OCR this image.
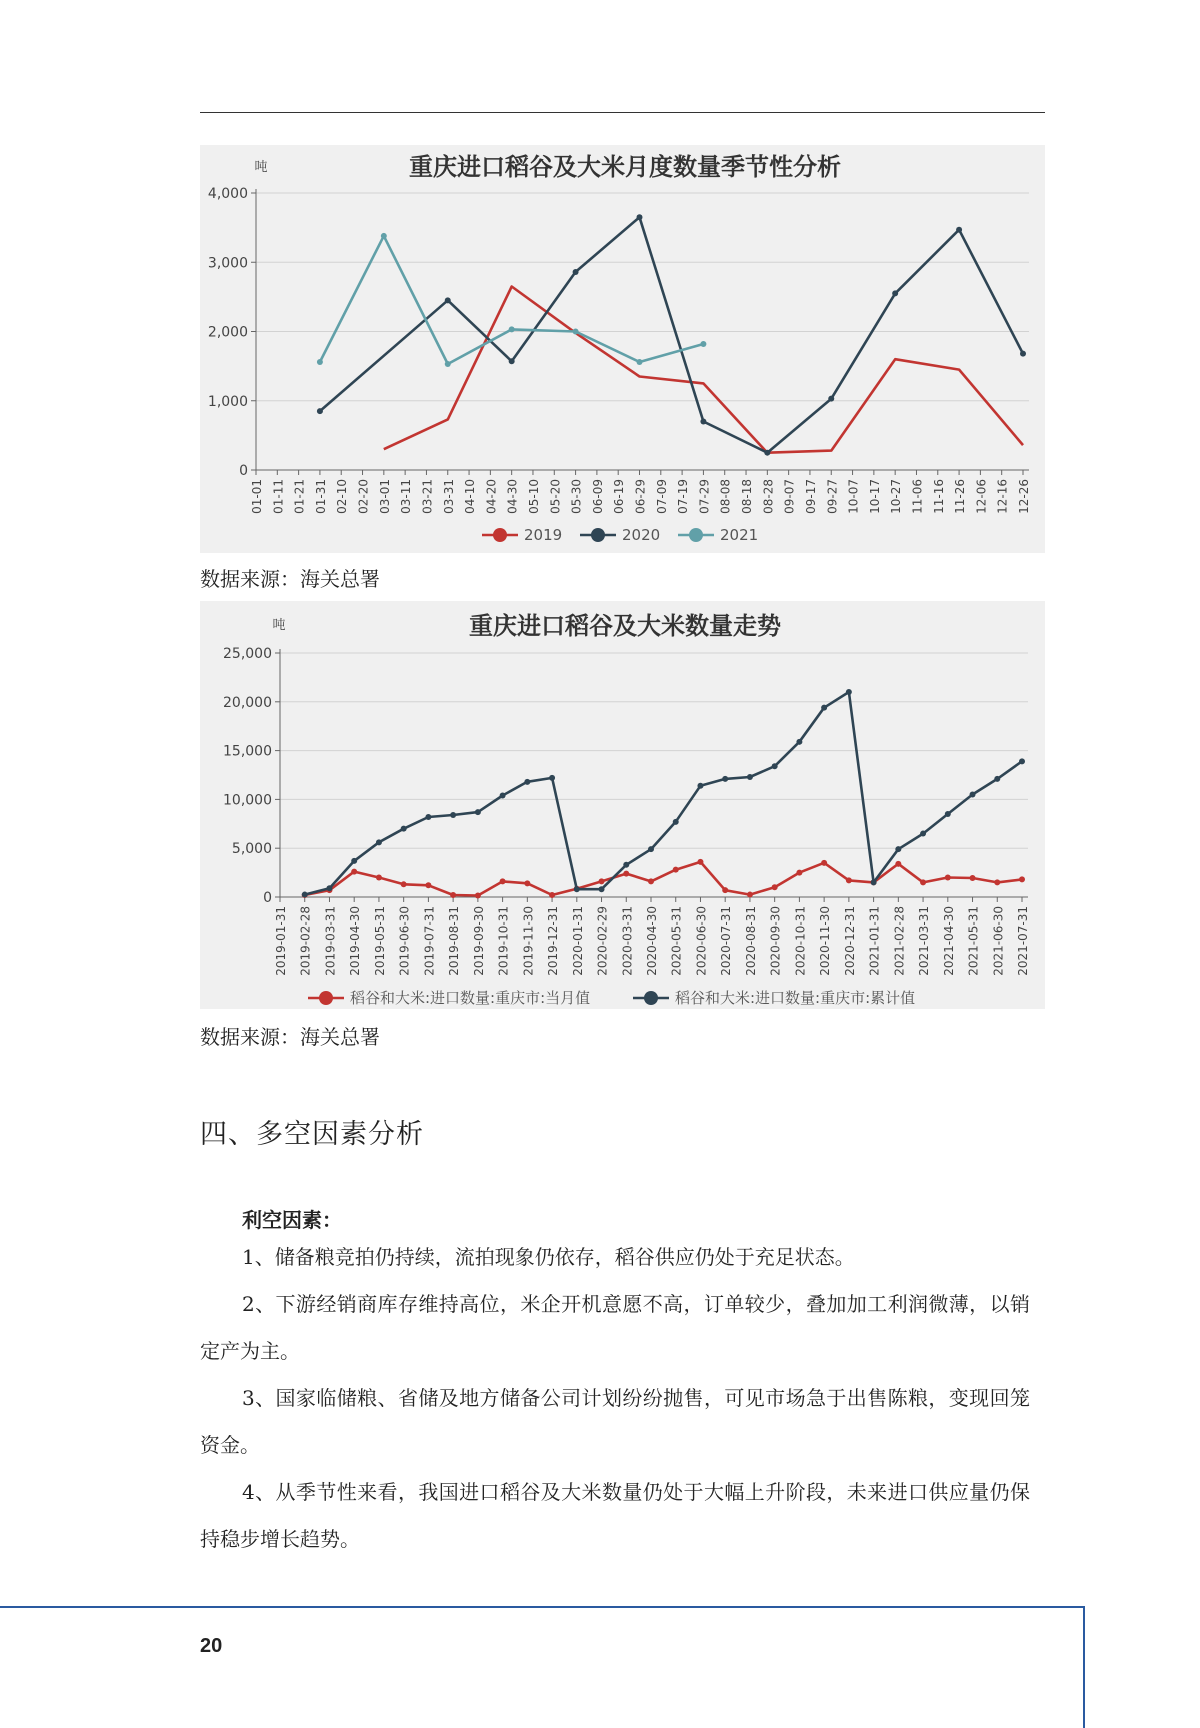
重庆进口稻谷及大米月度数量季节性分析
吨
0
1,000
2,000
3,000
4,000
01-01 01-11 01-21 01-31 02-10 02-20 03-01 03-11 03-21 03-31 04-10 04-20 04-30 05-10 05-20 05-30 06-09 06-19 06-29 07-09 07-19 07-29 08-08 08-18 08-28 09-07 09-17 09-27 10-07 10-17 10-27 11-06 11-16 11-26 12-06 12-16 12-26
2019	2020	2021
数据来源：海关总署
重庆进口稻谷及大米数量走势
吨
0
5,000
10,000
15,000
20,000
25,000
2019-01-31 2019-02-28 2019-03-31 2019-04-30 2019-05-31 2019-06-30 2019-07-31 2019-08-31 2019-09-30 2019-10-31 2019-11-30 2019-12-31 2020-01-31 2020-02-29 2020-03-31 2020-04-30 2020-05-31 2020-06-30 2020-07-31 2020-08-31 2020-09-30 2020-10-31 2020-11-30 2020-12-31 2021-01-31 2021-02-28 2021-03-31 2021-04-30 2021-05-31 2021-06-30 2021-07-31
稻谷和大米:进口数量:重庆市:当月值	稻谷和大米:进口数量:重庆市:累计值
数据来源：海关总署
四、多空因素分析
利空因素：

1、储备粮竞拍仍持续，流拍现象仍依存，稻谷供应仍处于充足状态。

2、下游经销商库存维持高位，米企开机意愿不高，订单较少，叠加加工利润微薄，以销定产为主。

3、国家临储粮、省储及地方储备公司计划纷纷抛售，可见市场急于出售陈粮，变现回笼资金。

4、从季节性来看，我国进口稻谷及大米数量仍处于大幅上升阶段，未来进口供应量仍保持稳步增长趋势。

20
